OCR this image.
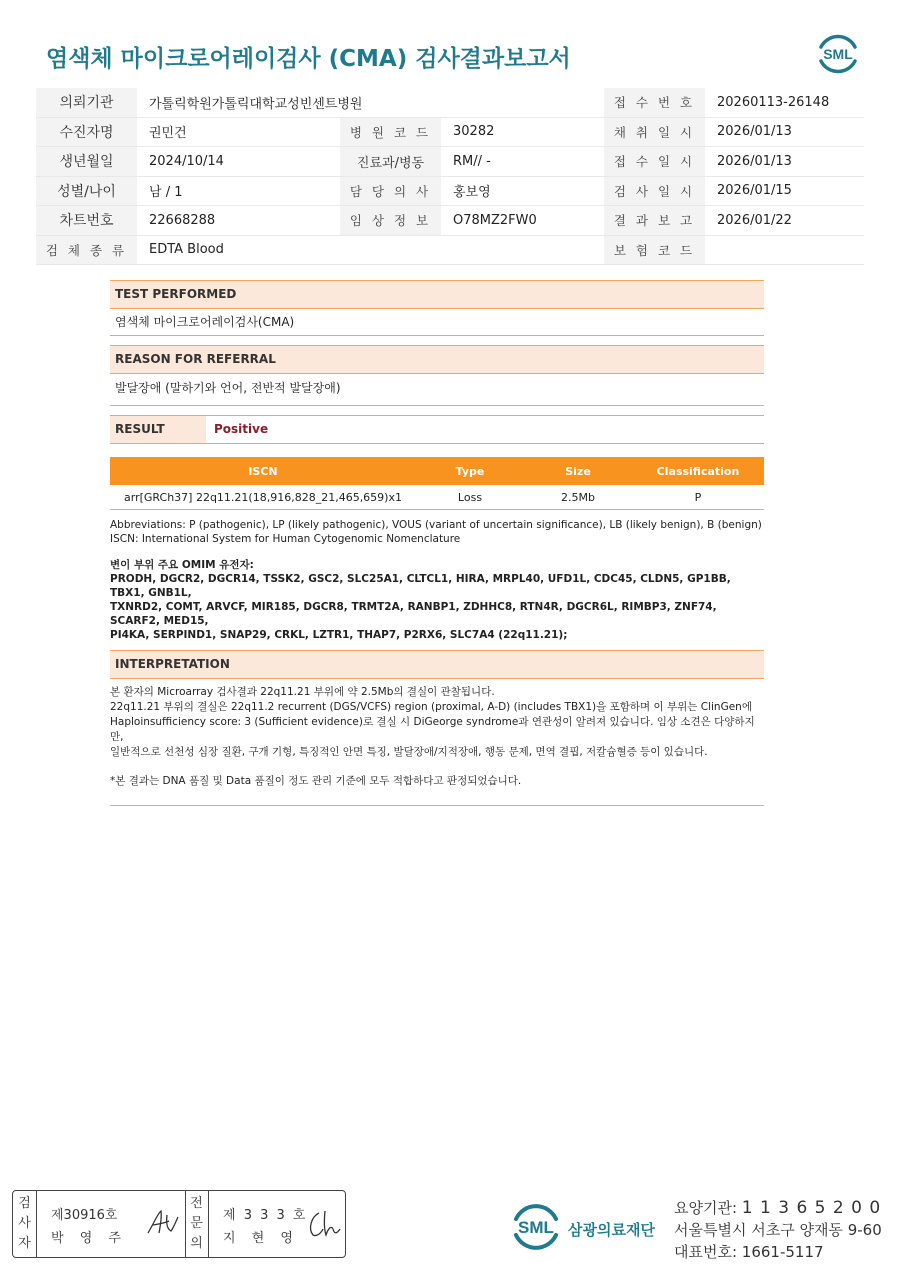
염색체 마이크로어레이검사 (CMA) 검사결과보고서	SML
의뢰기관	가톨릭학원가톨릭대학교성빈센트병원			접 수 번 호	20260113-26148
수진자명	권민건	병 원 코 드	30282	채 취 일 시	2026/01/13
생년월일	2024/10/14	진료과/병동	RM// -	접 수 일 시	2026/01/13
성별/나이	남 / 1	담 당 의 사	홍보영	검 사 일 시	2026/01/15
차트번호	22668288	임 상 정 보	O78MZ2FW0	결 과 보 고	2026/01/22
검 체 종 류	EDTA Blood			보 험 코 드	
TEST PERFORMED
염색체 마이크로어레이검사(CMA)
REASON FOR REFERRAL
발달장애 (말하기와 언어, 전반적 발달장애)
RESULT	Positive
ISCN	Type	Size	Classification
arr[GRCh37] 22q11.21(18,916,828_21,465,659)x1	Loss	2.5Mb	P
Abbreviations: P (pathogenic), LP (likely pathogenic), VOUS (variant of uncertain significance), LB (likely benign), B (benign)
ISCN: International System for Human Cytogenomic Nomenclature
변이 부위 주요 OMIM 유전자:
PRODH, DGCR2, DGCR14, TSSK2, GSC2, SLC25A1, CLTCL1, HIRA, MRPL40, UFD1L, CDC45, CLDN5, GP1BB, TBX1, GNB1L,
TXNRD2, COMT, ARVCF, MIR185, DGCR8, TRMT2A, RANBP1, ZDHHC8, RTN4R, DGCR6L, RIMBP3, ZNF74, SCARF2, MED15,
PI4KA, SERPIND1, SNAP29, CRKL, LZTR1, THAP7, P2RX6, SLC7A4 (22q11.21);
INTERPRETATION

본 환자의 Microarray 검사결과 22q11.21 부위에 약 2.5Mb의 결실이 관찰됩니다.

22q11.21 부위의 결실은 22q11.2 recurrent (DGS/VCFS) region (proximal, A-D) (includes TBX1)을 포함하며 이 부위는 ClinGen에

Haploinsufficiency score: 3 (Sufficient evidence)로 결실 시 DiGeorge syndrome과 연관성이 알려져 있습니다. 임상 소견은 다양하지만,

일반적으로 선천성 심장 질환, 구개 기형, 특징적인 안면 특징, 발달장애/지적장애, 행동 문제, 면역 결핍, 저칼슘혈증 등이 있습니다.

*본 결과는 DNA 품질 및 Data 품질이 정도 관리 기준에 모두 적합하다고 판정되었습니다.

검
사
자
제30916호
박 영 주
전
문
의
제 3 3 3 호
지 현 영
SML 삼광의료재단
요양기관: 1 1 3 6 5 2 0 0
서울특별시 서초구 양재동 9-60
대표번호: 1661-5117
